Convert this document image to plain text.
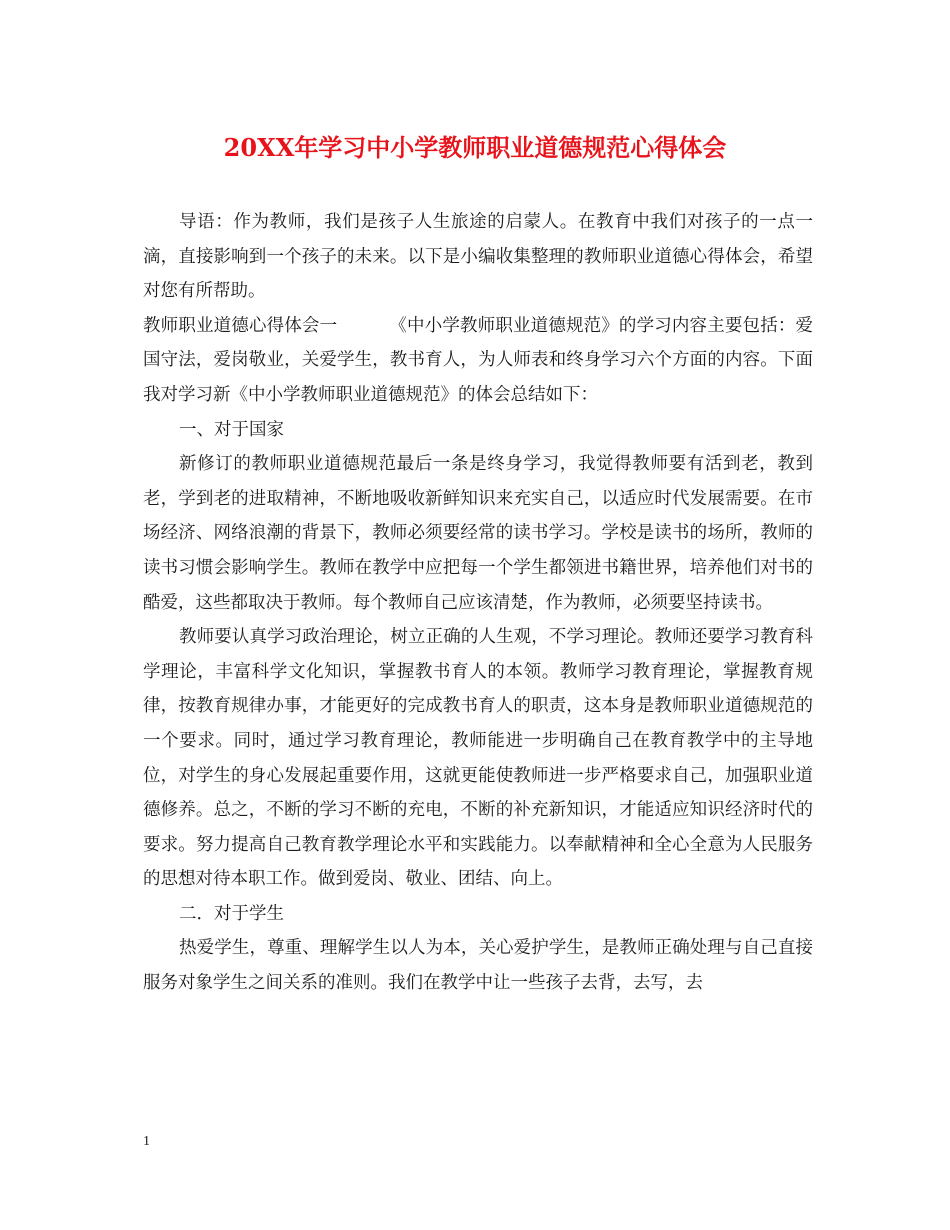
20XX年学习中小学教师职业道德规范心得体会

导语：作为教师，我们是孩子人生旅途的启蒙人。在教育中我们对孩子的一点一滴，直接影响到一个孩子的未来。以下是小编收集整理的教师职业道德心得体会，希望对您有所帮助。

教师职业道德心得体会一	《中小学教师职业道德规范》的学习内容主要包括：爱国守法，爱岗敬业，关爱学生，教书育人，为人师表和终身学习六个方面的内容。下面我对学习新《中小学教师职业道德规范》的体会总结如下：

一、对于国家

新修订的教师职业道德规范最后一条是终身学习，我觉得教师要有活到老，教到老，学到老的进取精神，不断地吸收新鲜知识来充实自己，以适应时代发展需要。在市场经济、网络浪潮的背景下，教师必须要经常的读书学习。学校是读书的场所，教师的读书习惯会影响学生。教师在教学中应把每一个学生都领进书籍世界，培养他们对书的酷爱，这些都取决于教师。每个教师自己应该清楚，作为教师，必须要坚持读书。

教师要认真学习政治理论，树立正确的人生观，不学习理论。教师还要学习教育科学理论，丰富科学文化知识，掌握教书育人的本领。教师学习教育理论，掌握教育规律，按教育规律办事，才能更好的完成教书育人的职责，这本身是教师职业道德规范的一个要求。同时，通过学习教育理论，教师能进一步明确自己在教育教学中的主导地位，对学生的身心发展起重要作用，这就更能使教师进一步严格要求自己，加强职业道德修养。总之，不断的学习不断的充电，不断的补充新知识，才能适应知识经济时代的要求。努力提高自己教育教学理论水平和实践能力。以奉献精神和全心全意为人民服务的思想对待本职工作。做到爱岗、敬业、团结、向上。

二．对于学生

热爱学生，尊重、理解学生以人为本，关心爱护学生，是教师正确处理与自己直接服务对象学生之间关系的准则。我们在教学中让一些孩子去背，去写，去

1
